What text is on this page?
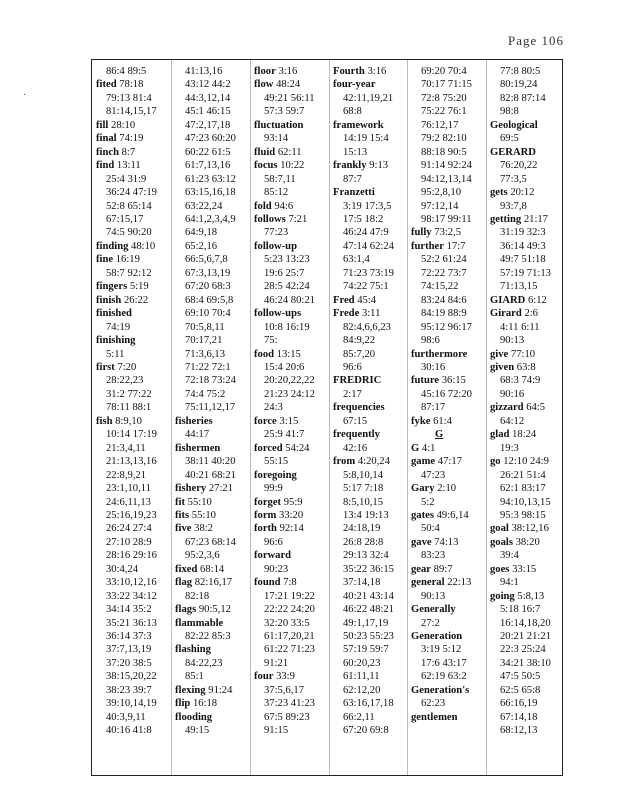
Page 106
·
86:4 89:5
fited 78:18
79:13 81:4
81:14,15,17
fill 28:10
final 74:19
finch 8:7
find 13:11
25:4 31:9
36:24 47:19
52:8 65:14
67:15,17
74:5 90:20
finding 48:10
fine 16:19
58:7 92:12
fingers 5:19
finish 26:22
finished
74:19
finishing
5:11
first 7:20
28:22,23
31:2 77:22
78:11 88:1
fish 8:9,10
10:14 17:19
21:3,4,11
21:13,13,16
22:8,9,21
23:1,10,11
24:6,11,13
25:16,19,23
26:24 27:4
27:10 28:9
28:16 29:16
30:4,24
33:10,12,16
33:22 34:12
34:14 35:2
35:21 36:13
36:14 37:3
37:7,13,19
37:20 38:5
38:15,20,22
38:23 39:7
39:10,14,19
40:3,9,11
40:16 41:8
41:13,16
43:12 44:2
44:3,12,14
45:1 46:15
47:2,17,18
47:23 60:20
60:22 61:5
61:7,13,16
61:23 63:12
63:15,16,18
63:22,24
64:1,2,3,4,9
64:9,18
65:2,16
66:5,6,7,8
67:3,13,19
67:20 68:3
68:4 69:5,8
69:10 70:4
70:5,8,11
70:17,21
71:3,6,13
71:22 72:1
72:18 73:24
74:4 75:2
75:11,12,17
fisheries
44:17
fishermen
38:11 40:20
40:21 68:21
fishery 27:21
fit 55:10
fits 55:10
five 38:2
67:23 68:14
95:2,3,6
fixed 68:14
flag 82:16,17
82:18
flags 90:5,12
flammable
82:22 85:3
flashing
84:22,23
85:1
flexing 91:24
flip 16:18
flooding
49:15
floor 3:16
flow 48:24
49:21 56:11
57:3 59:7
fluctuation
93:14
fluid 62:11
focus 10:22
58:7,11
85:12
fold 94:6
follows 7:21
77:23
follow-up
5:23 13:23
19:6 25:7
28:5 42:24
46:24 80:21
follow-ups
10:8 16:19
75:
food 13:15
15:4 20:6
20:20,22,22
21:23 24:12
24:3
force 3:15
25:9 41:7
forced 54:24
55:15
foregoing
99:9
forget 95:9
form 33:20
forth 92:14
96:6
forward
90:23
found 7:8
17:21 19:22
22:22 24:20
32:20 33:5
61:17,20,21
61:22 71:23
91:21
four 33:9
37:5,6,17
37:23 41:23
67:5 89:23
91:15
Fourth 3:16
four-year
42:11,19,21
68:8
framework
14:19 15:4
15:13
frankly 9:13
87:7
Franzetti
3:19 17:3,5
17:5 18:2
46:24 47:9
47:14 62:24
63:1,4
71:23 73:19
74:22 75:1
Fred 45:4
Frede 3:11
82:4,6,6,23
84:9,22
85:7,20
96:6
FREDRIC
2:17
frequencies
67:15
frequently
42:16
from 4:20,24
5:8,10,14
5:17 7:18
8:5,10,15
13:4 19:13
24:18,19
26:8 28:8
29:13 32:4
35:22 36:15
37:14,18
40:21 43:14
46:22 48:21
49:1,17,19
50:23 55:23
57:19 59:7
60:20,23
61:11,11
62:12,20
63:16,17,18
66:2,11
67:20 69:8
69:20 70:4
70:17 71:15
72:8 75:20
75:22 76:1
76:12,17
79:2 82:10
88:18 90:5
91:14 92:24
94:12,13,14
95:2,8,10
97:12,14
98:17 99:11
fully 73:2,5
further 17:7
52:2 61:24
72:22 73:7
74:15,22
83:24 84:6
84:19 88:9
95:12 96:17
98:6
furthermore
30:16
future 36:15
45:16 72:20
87:17
fyke 61:4
G
G 4:1
game 47:17
47:23
Gary 2:10
5:2
gates 49:6,14
50:4
gave 74:13
83:23
gear 89:7
general 22:13
90:13
Generally
27:2
Generation
3:19 5:12
17:6 43:17
62:19 63:2
Generation's
62:23
gentlemen
77:8 80:5
80:19,24
82:8 87:14
98:8
Geological
69:5
GERARD
76:20,22
77:3,5
gets 20:12
93:7,8
getting 21:17
31:19 32:3
36:14 49:3
49:7 51:18
57:19 71:13
71:13,15
GIARD 6:12
Girard 2:6
4:11 6:11
90:13
give 77:10
given 63:8
68:3 74:9
90:16
gizzard 64:5
64:12
glad 18:24
19:3
go 12:10 24:9
26:21 51:4
62:1 83:17
94:10,13,15
95:3 98:15
goal 38:12,16
goals 38:20
39:4
goes 33:15
94:1
going 5:8,13
5:18 16:7
16:14,18,20
20:21 21:21
22:3 25:24
34:21 38:10
47:5 50:5
62:5 65:8
66:16,19
67:14,18
68:12,13
